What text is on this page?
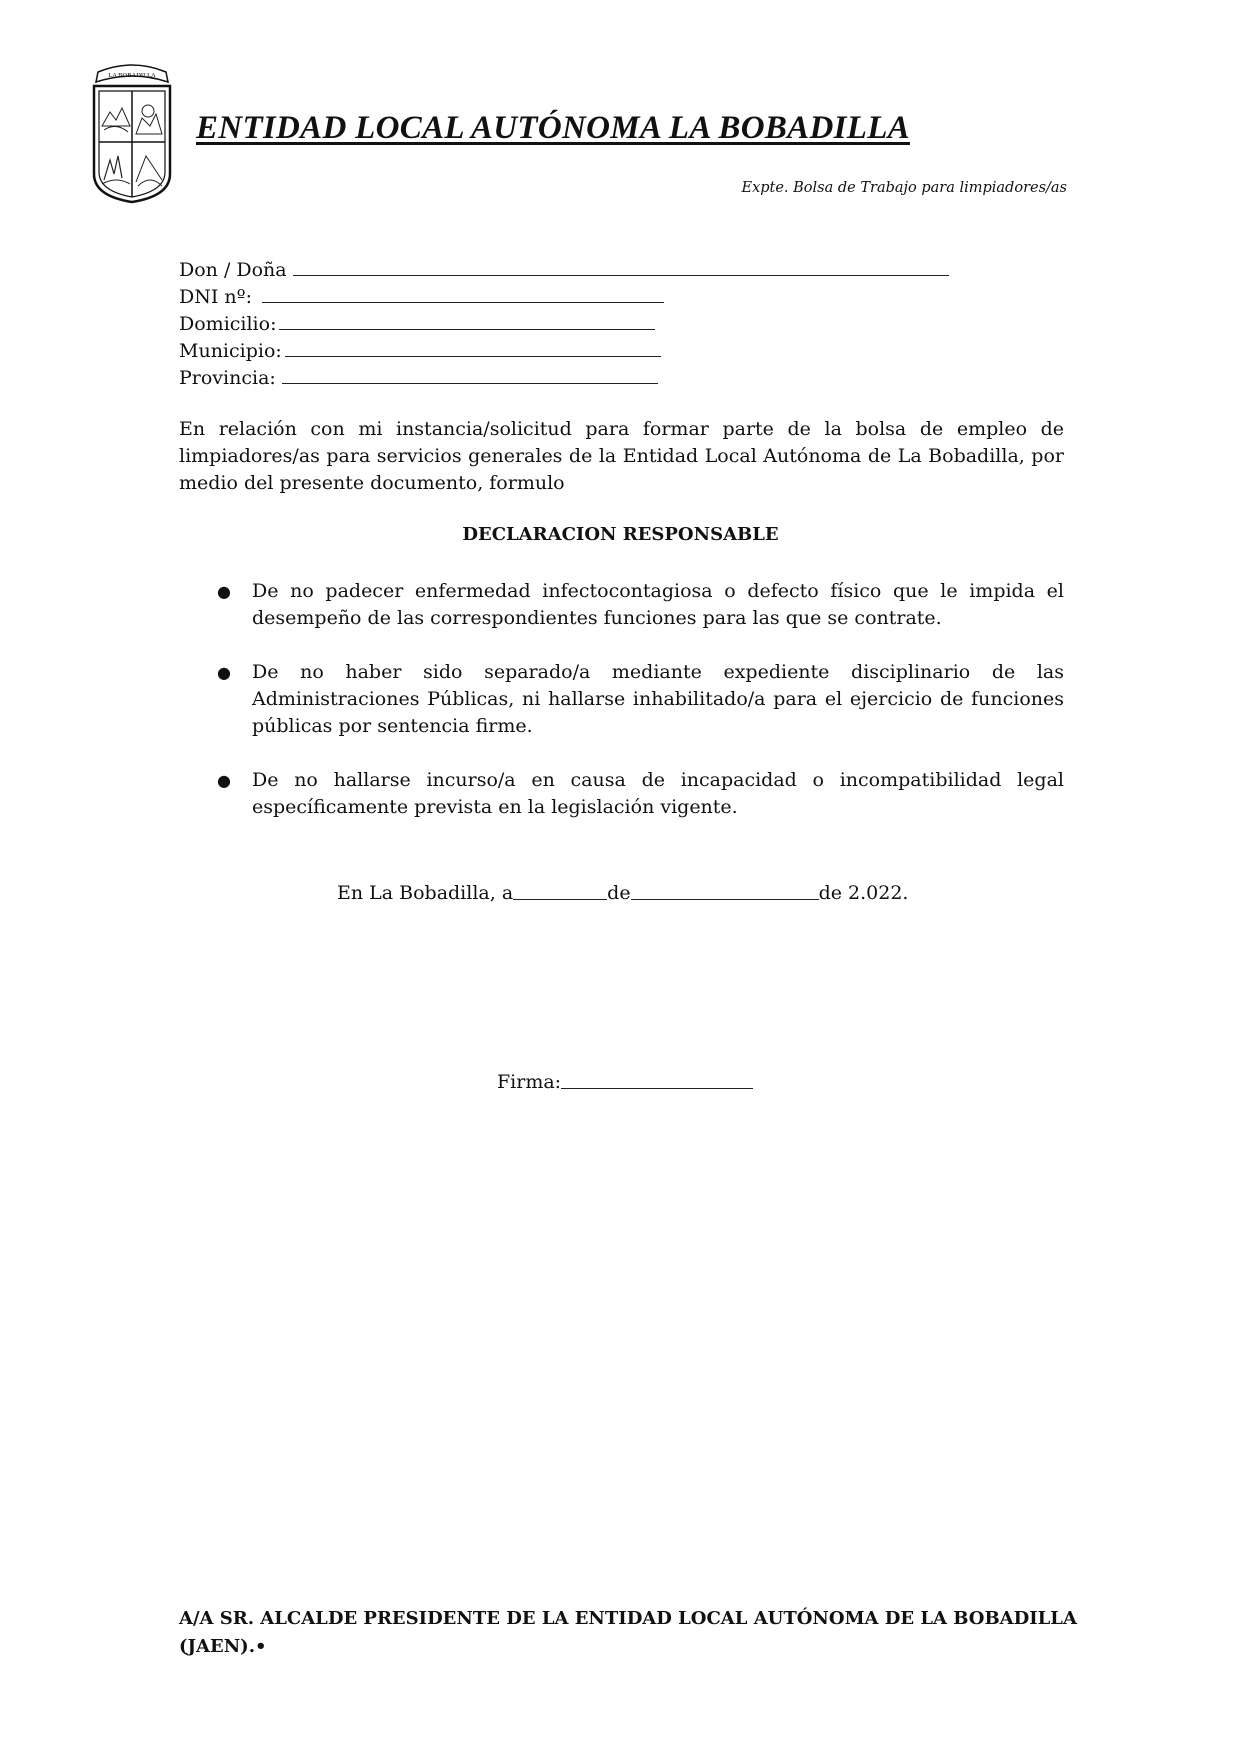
LA BOBADILLA
ENTIDAD LOCAL AUTÓNOMA LA BOBADILLA
Expte. Bolsa de Trabajo para limpiadores/as
Don / Doña
DNI nº:
Domicilio:
Municipio:
Provincia:
En relación con mi instancia/solicitud para formar parte de la bolsa de empleo de limpiadores/as para servicios generales de la Entidad Local Autónoma de La Bobadilla, por medio del presente documento, formulo
DECLARACION RESPONSABLE
●	De no padecer enfermedad infectocontagiosa o defecto físico que le impida el desempeño de las correspondientes funciones para las que se contrate.
●	De no haber sido separado/a mediante expediente disciplinario de las Administraciones Públicas, ni hallarse inhabilitado/a para el ejercicio de funciones públicas por sentencia firme.
●	De no hallarse incurso/a en causa de incapacidad o incompatibilidad legal específicamente prevista en la legislación vigente.
En La Bobadilla, a	de	de 2.022.
Firma:
A/A SR. ALCALDE PRESIDENTE DE LA ENTIDAD LOCAL AUTÓNOMA DE LA BOBADILLA (JAEN).•
